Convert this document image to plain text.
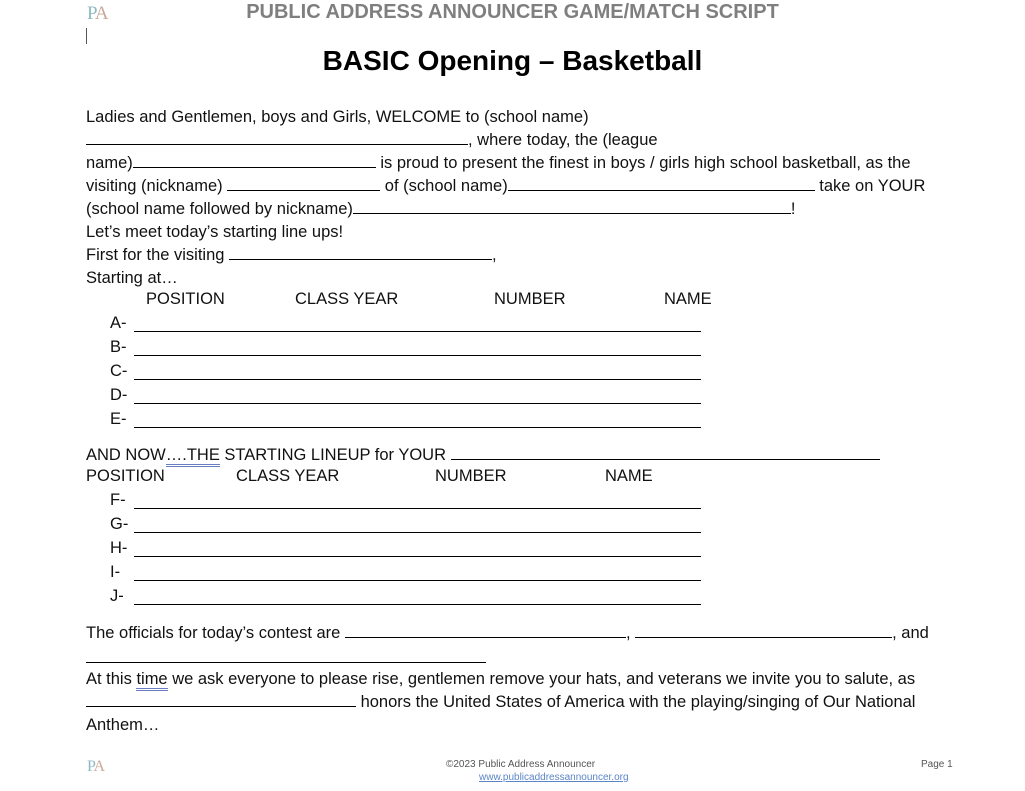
PA	PUBLIC ADDRESS ANNOUNCER GAME/MATCH SCRIPT
BASIC Opening – Basketball
Ladies and Gentlemen, boys and Girls, WELCOME to (school name)
, where today, the (league
name)	is proud to present the finest in boys / girls high school basketball, as the
visiting (nickname)	of (school name)	take on YOUR
(school name followed by nickname)	!
Let’s meet today’s starting line ups!
First for the visiting	,
Starting at…
POSITION	CLASS YEAR	NUMBER	NAME
A-
B-
C-
D-
E-
AND NOW….THE STARTING LINEUP for YOUR
POSITION	CLASS YEAR	NUMBER	NAME
F-
G-
H-
I-
J-
The officials for today’s contest are	,	, and
At this time we ask everyone to please rise, gentlemen remove your hats, and veterans we invite you to salute, as
honors the United States of America with the playing/singing of Our National
Anthem…
PA	©2023 Public Address Announcer
www.publicaddressannouncer.org
Page 1
